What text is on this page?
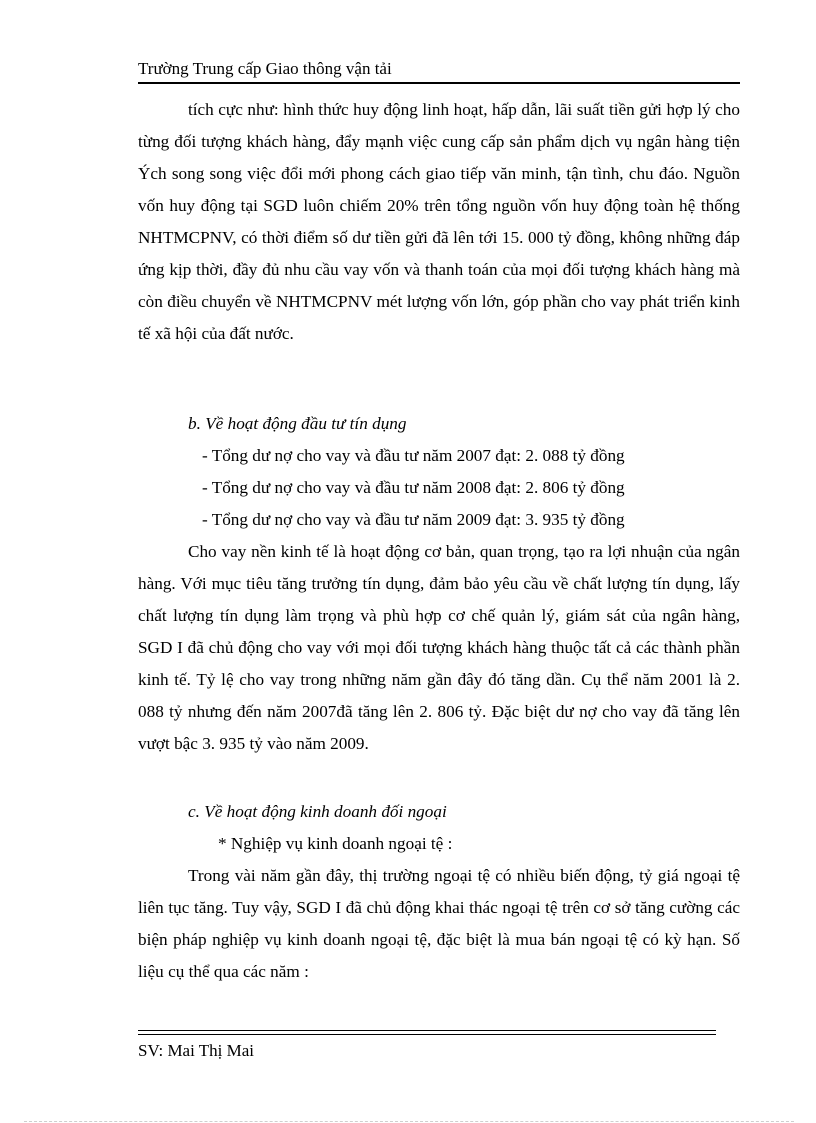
Trường Trung cấp Giao thông vận tải

tích cực như: hình thức huy động linh hoạt, hấp dẫn, lãi suất tiền gửi hợp lý cho từng đối tượng khách hàng, đẩy mạnh việc cung cấp sản phẩm dịch vụ ngân hàng tiện Ých song song việc đổi mới phong cách giao tiếp văn minh, tận tình, chu đáo. Nguồn vốn huy động tại SGD luôn chiếm 20% trên tổng nguồn vốn huy động toàn hệ thống NHTMCPNV, có thời điểm số dư tiền gửi đã lên tới 15. 000 tỷ đồng, không những đáp ứng kịp thời, đầy đủ nhu cầu vay vốn và thanh toán của mọi đối tượng khách hàng mà còn điều chuyển về NHTMCPNV mét lượng vốn lớn, góp phần cho vay phát triển kinh tế xã hội của đất nước.

b. Về hoạt động đầu tư tín dụng

- Tổng dư nợ cho vay và đầu tư năm 2007 đạt: 2. 088 tỷ đồng

- Tổng dư nợ cho vay và đầu tư năm 2008 đạt: 2. 806 tỷ đồng

- Tổng dư nợ cho vay và đầu tư năm 2009 đạt: 3. 935 tỷ đồng

Cho vay nền kinh tế là hoạt động cơ bản, quan trọng, tạo ra lợi nhuận của ngân hàng. Với mục tiêu tăng trưởng tín dụng, đảm bảo yêu cầu về chất lượng tín dụng, lấy chất lượng tín dụng làm trọng và phù hợp cơ chế quản lý, giám sát của ngân hàng, SGD I đã chủ động cho vay với mọi đối tượng khách hàng thuộc tất cả các thành phần kinh tế. Tỷ lệ cho vay trong những năm gần đây đó tăng dần. Cụ thể năm 2001 là 2. 088 tỷ nhưng đến năm 2007đã tăng lên 2. 806 tỷ. Đặc biệt dư nợ cho vay đã tăng lên vượt bậc 3. 935 tỷ vào năm 2009.

c. Về hoạt động kinh doanh đối ngoại

* Nghiệp vụ kinh doanh ngoại tệ :

Trong vài năm gần đây, thị trường ngoại tệ có nhiều biến động, tỷ giá ngoại tệ liên tục tăng. Tuy vậy, SGD I đã chủ động khai thác ngoại tệ trên cơ sở tăng cường các biện pháp nghiệp vụ kinh doanh ngoại tệ, đặc biệt là mua bán ngoại tệ có kỳ hạn. Số liệu cụ thể qua các năm :

SV: Mai Thị Mai
